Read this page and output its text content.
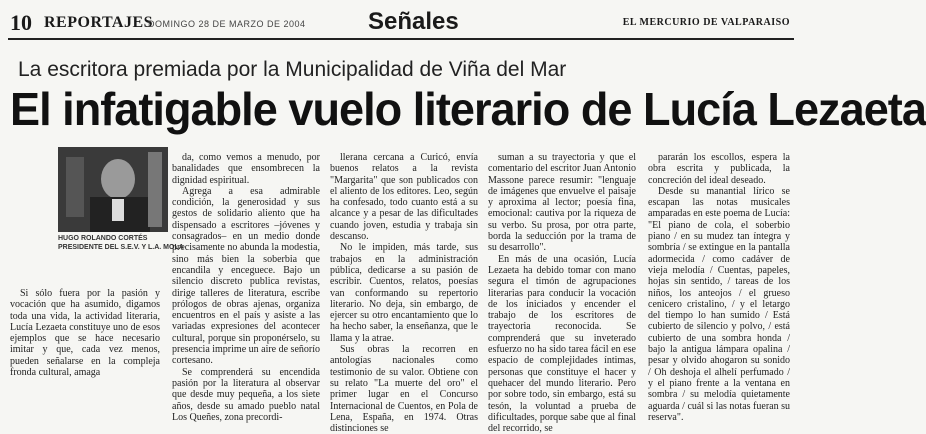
10 REPORTAJES
DOMINGO 28 DE MARZO DE 2004	Señales	EL MERCURIO DE VALPARAISO
La escritora premiada por la Municipalidad de Viña del Mar
El infatigable vuelo literario de Lucía Lezaeta
HUGO ROLANDO CORTÉS
PRESIDENTE DEL S.E.V. Y L.A. MOLA

Si sólo fuera por la pasión y vocación que ha asumido, digamos toda una vida, la actividad literaria, Lucía Lezaeta constituye uno de esos ejemplos que se hace necesario imitar y que, cada vez menos, pueden señalarse en la compleja fronda cultural, amaga

da, como vemos a menudo, por banalidades que ensombrecen la dignidad espiritual.

Agrega a esa admirable condición, la generosidad y sus gestos de solidario aliento que ha dispensado a escritores –jóvenes y consagrados– en un medio donde precisamente no abunda la modestia, sino más bien la soberbia que encandila y enceguece. Bajo un silencio discreto publica revistas, dirige talleres de literatura, escribe prólogos de obras ajenas, organiza encuentros en el país y asiste a las variadas expresiones del acontecer cultural, porque sin proponérselo, su presencia imprime un aire de señorío cortesano.

Se comprenderá su encendida pasión por la literatura al observar que desde muy pequeña, a los siete años, desde su amado pueblo natal Los Queñes, zona precordi-

llerana cercana a Curicó, envía buenos relatos a la revista "Margarita" que son publicados con el aliento de los editores. Leo, según ha confesado, todo cuanto está a su alcance y a pesar de las dificultades cuando joven, estudia y trabaja sin descanso.

No le impiden, más tarde, sus trabajos en la administración pública, dedicarse a su pasión de escribir. Cuentos, relatos, poesías van conformando su repertorio literario. No deja, sin embargo, de ejercer su otro encantamiento que lo ha hecho saber, la enseñanza, que le llama y la atrae.

Sus obras la recorren en antologías nacionales como testimonio de su valor. Obtiene con su relato "La muerte del oro" el primer lugar en el Concurso Internacional de Cuentos, en Pola de Lena, España, en 1974. Otras distinciones se

suman a su trayectoria y que el comentario del escritor Juan Antonio Massone parece resumir: "lenguaje de imágenes que envuelve el paisaje y aproxima al lector; poesía fina, emocional: cautiva por la riqueza de su verbo. Su prosa, por otra parte, borda la seducción por la trama de su desarrollo".

En más de una ocasión, Lucía Lezaeta ha debido tomar con mano segura el timón de agrupaciones literarias para conducir la vocación de los iniciados y encender el trabajo de los escritores de trayectoria reconocida. Se comprenderá que su inveterado esfuerzo no ha sido tarea fácil en ese espacio de complejidades íntimas, personas que constituye el hacer y quehacer del mundo literario. Pero por sobre todo, sin embargo, está su tesón, la voluntad a prueba de dificultades, porque sabe que al final del recorrido, se

pararán los escollos, espera la obra escrita y publicada, la concreción del ideal deseado.

Desde su manantial lírico se escapan las notas musicales amparadas en este poema de Lucía: "El piano de cola, el soberbio piano / en su mudez tan íntegra y sombría / se extingue en la pantalla adormecida / como cadáver de vieja melodía / Cuentas, papeles, hojas sin sentido, / tareas de los niños, los anteojos / el grueso cenicero cristalino, / y el letargo del tiempo lo han sumido / Está cubierto de silencio y polvo, / está cubierto de una sombra honda / bajo la antigua lámpara opalina / pesar y olvido ahogaron su sonido / Oh deshoja el alhelí perfumado / y el piano frente a la ventana en sombra / su melodía quietamente aguarda / cuál si las notas fueran su reserva".
